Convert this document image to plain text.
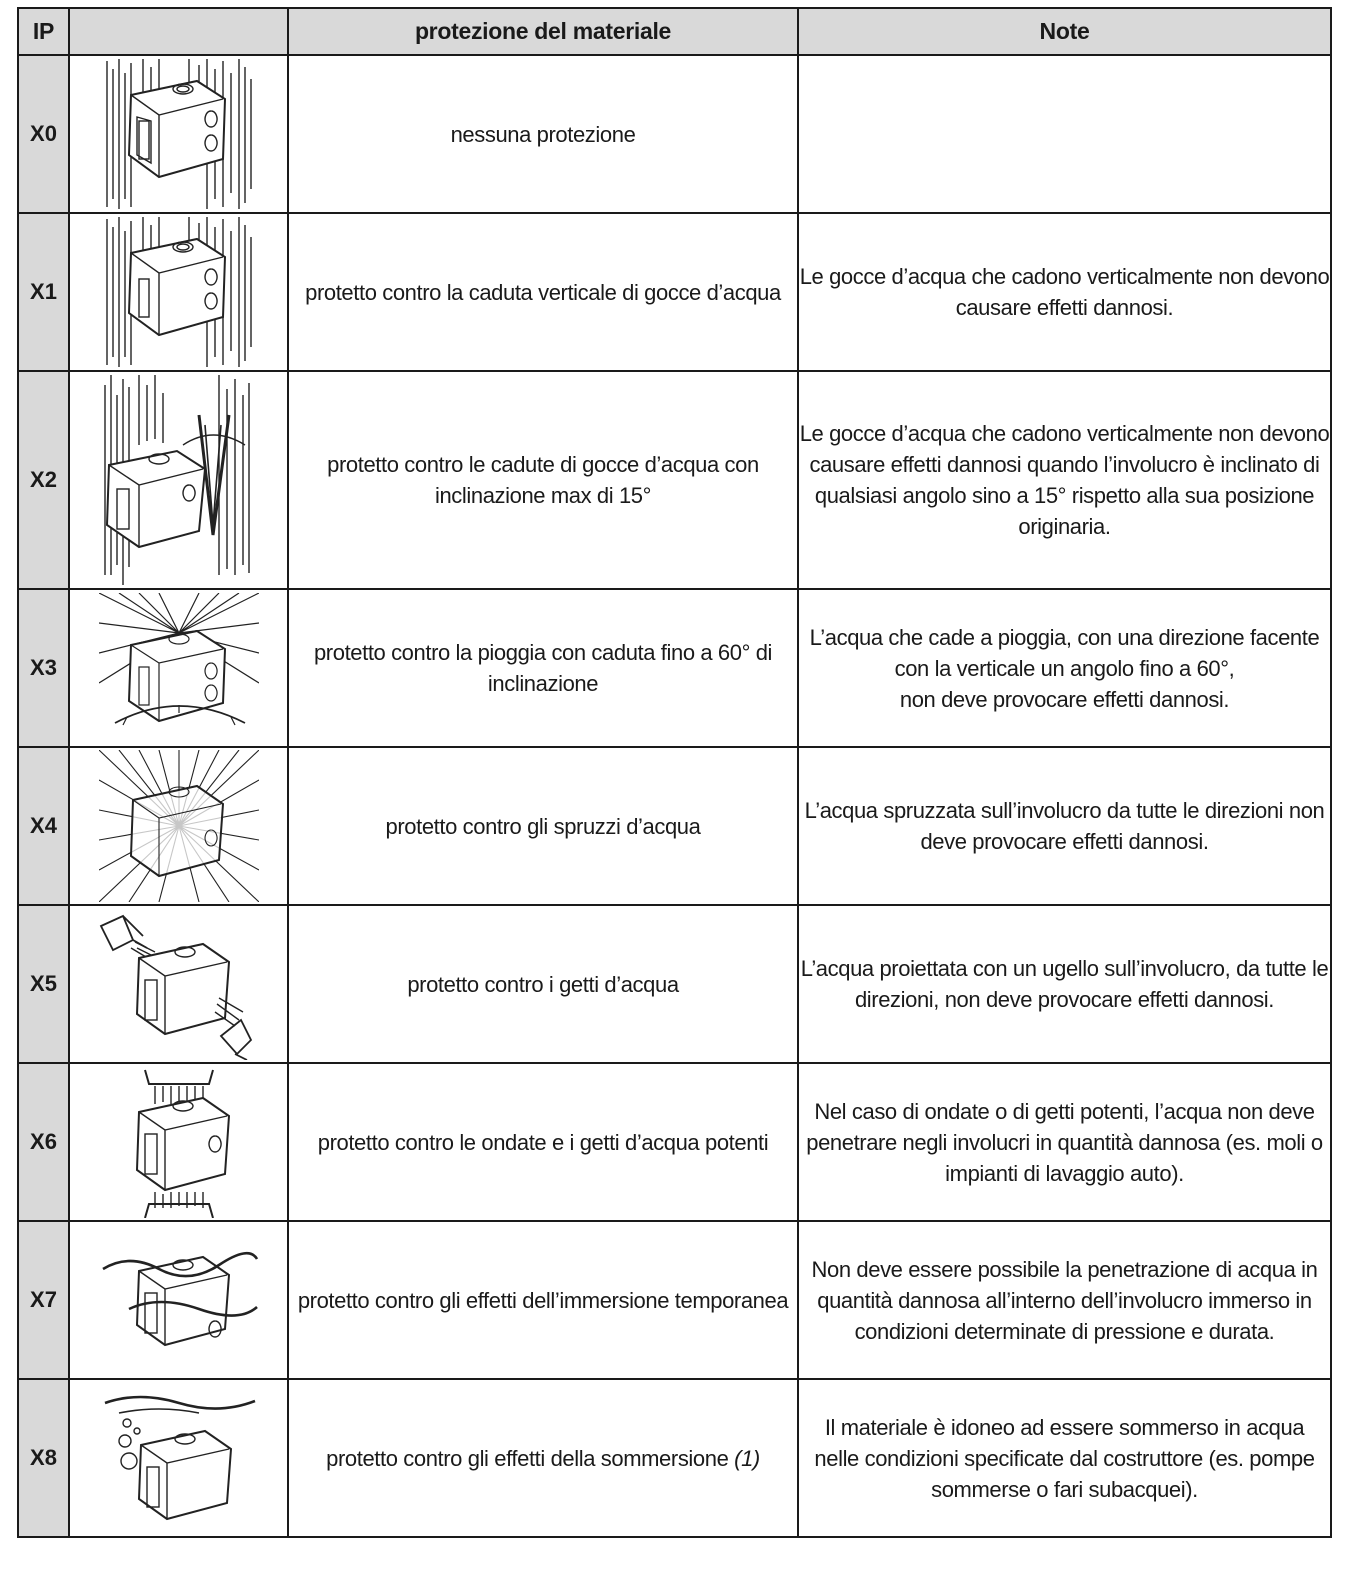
IP		protezione del materiale	Note
X0		nessuna protezione	
X1		protetto contro la caduta verticale di gocce d’acqua	Le gocce d’acqua che cadono verticalmente non devono
causare effetti dannosi.

X2		protetto contro le cadute di gocce d’acqua con inclinazione max di 15°	Le gocce d’acqua che cadono verticalmente non devono
causare effetti dannosi quando l’involucro è inclinato di
qualsiasi angolo sino a 15° rispetto alla sua posizione
originaria.

X3		protetto contro la pioggia con caduta fino a 60° di inclinazione	L’acqua che cade a pioggia, con una direzione facente
con la verticale un angolo fino a 60°,
non deve provocare effetti dannosi.

X4		protetto contro gli spruzzi d’acqua	L’acqua spruzzata sull’involucro da tutte le direzioni non
deve provocare effetti dannosi.

X5		protetto contro i getti d’acqua	L’acqua proiettata con un ugello sull’involucro, da tutte le
direzioni, non deve provocare effetti dannosi.

X6		protetto contro le ondate e i getti d’acqua potenti	Nel caso di ondate o di getti potenti, l’acqua non deve
penetrare negli involucri in quantità dannosa (es. moli o
impianti di lavaggio auto).

X7		protetto contro gli effetti dell’immersione temporanea	Non deve essere possibile la penetrazione di acqua in
quantità dannosa all’interno dell’involucro immerso in
condizioni determinate di pressione e durata.

X8		protetto contro gli effetti della sommersione (1)	Il materiale è idoneo ad essere sommerso in acqua
nelle condizioni specificate dal costruttore (es. pompe
sommerse o fari subacquei).
